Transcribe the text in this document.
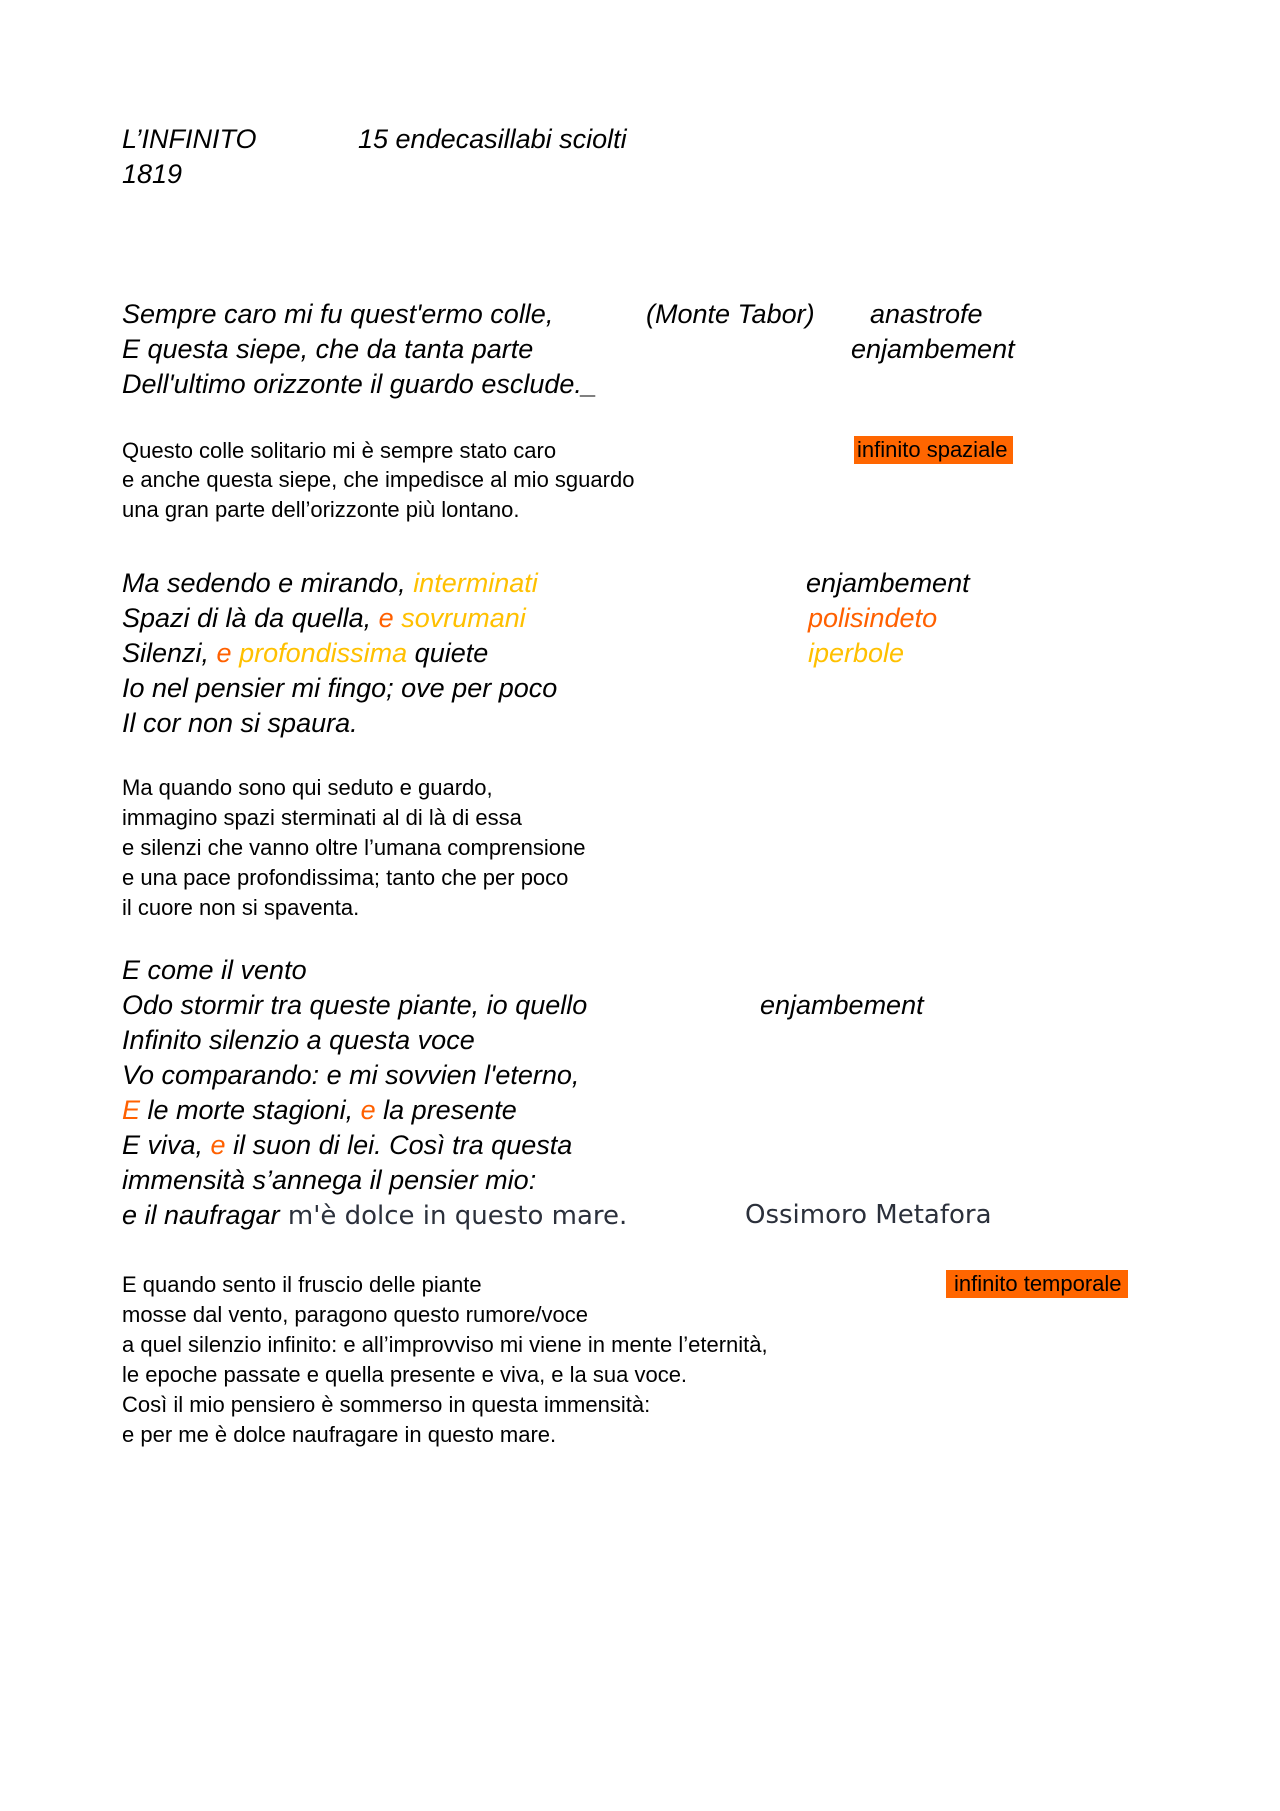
L’INFINITO	15 endecasillabi sciolti
1819
Sempre caro mi fu quest'ermo colle,
E questa siepe, che da tanta parte
Dell'ultimo orizzonte il guardo esclude._
(Monte Tabor) anastrofe
enjambement
Questo colle solitario mi è sempre stato caro
e anche questa siepe, che impedisce al mio sguardo
una gran parte dell’orizzonte più lontano.
infinito spaziale
Ma sedendo e mirando, interminati
Spazi di là da quella, e sovrumani
Silenzi, e profondissima quiete
Io nel pensier mi fingo; ove per poco
Il cor non si spaura.
enjambement
polisindeto
iperbole
Ma quando sono qui seduto e guardo,
immagino spazi sterminati al di là di essa
e silenzi che vanno oltre l’umana comprensione
e una pace profondissima; tanto che per poco
il cuore non si spaventa.
E come il vento
Odo stormir tra queste piante, io quello
Infinito silenzio a questa voce
Vo comparando: e mi sovvien l'eterno,
E le morte stagioni, e la presente
E viva, e il suon di lei. Così tra questa
immensità s’annega il pensier mio:
e il naufragar m'è dolce in questo mare.
enjambement
Ossimoro Metafora
E quando sento il fruscio delle piante
mosse dal vento, paragono questo rumore/voce
a quel silenzio infinito: e all’improvviso mi viene in mente l’eternità,
le epoche passate e quella presente e viva, e la sua voce.
Così il mio pensiero è sommerso in questa immensità:
e per me è dolce naufragare in questo mare.
infinito temporale
